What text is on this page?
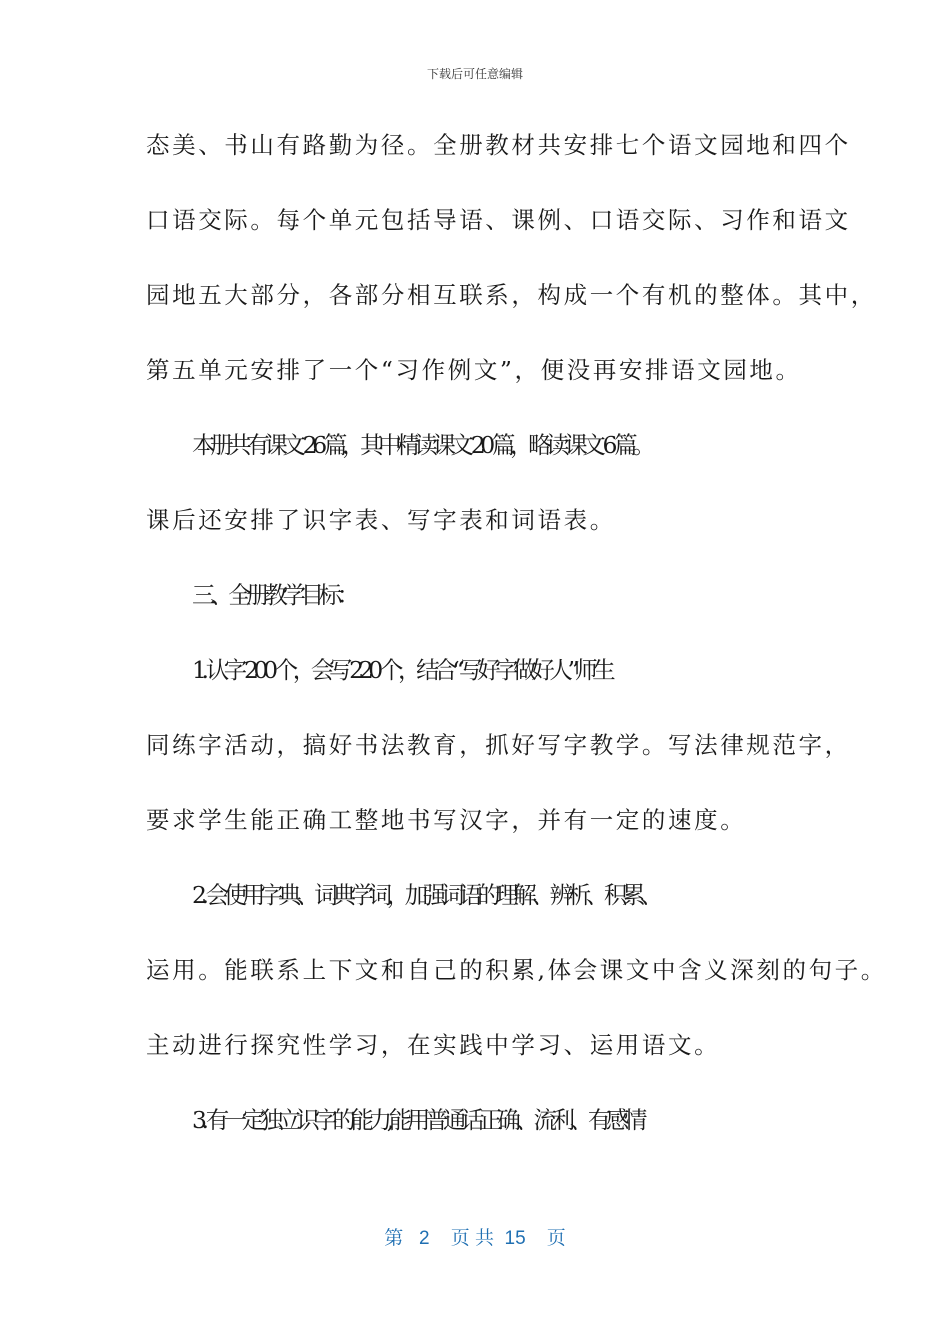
下载后可任意编辑
态美、书山有路勤为径。全册教材共安排七个语文园地和四个
口语交际。每个单元包括导语、课例、口语交际、习作和语文
园地五大部分，各部分相互联系，构成一个有机的整体。其中，
第五单元安排了一个“习作例文”，便没再安排语文园地。
本册共有课文 26 篇，其中精读课文 20 篇，略读课文 6 篇。
课后还安排了识字表、写字表和词语表。
三、全册教学目标：
1. 认字 200 个，会写 220 个，结合“写好字做好人”师生
同练字活动，搞好书法教育，抓好写字教学。写法律规范字，
要求学生能正确工整地书写汉字，并有一定的速度。
2. 会使用字典、词典学词，加强词语的理解、辨析、积累、
运用。能联系上下文和自己的积累,体会课文中含义深刻的句子。
主动进行探究性学习，在实践中学习、运用语文。
3. 有一定独立识字的能力,能用普通话正确、流利、有感情
第   2    页 共  15    页
